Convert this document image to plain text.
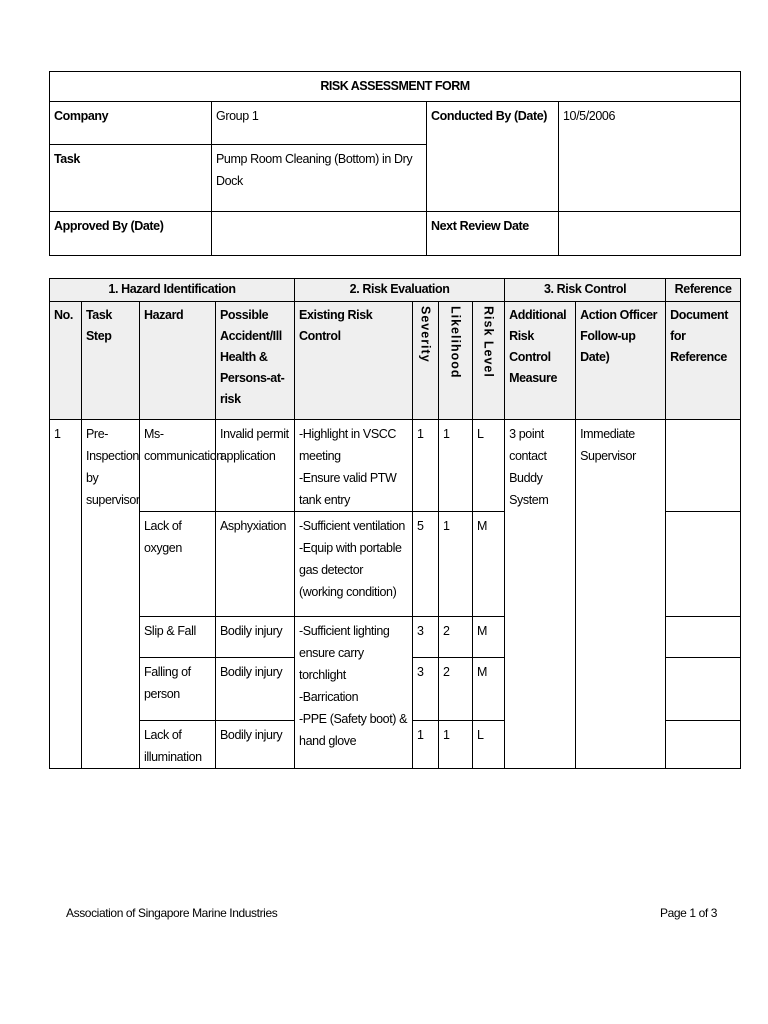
RISK ASSESSMENT FORM			

Company	Group 1	Conducted By (Date)	10/5/2006

Task	Pump Room Cleaning (Bottom) in Dry Dock		

Approved By (Date)		Next Review Date	

1. Hazard Identification				2. Risk Evaluation				3. Risk Control		Reference

No.	Task Step	Hazard	Possible Accident/Ill Health & Persons-at-risk	Existing Risk Control	Severity	Likelihood	Risk Level	Additional Risk Control Measure	Action Officer Follow-up Date)	Document for Reference

1	Pre-Inspection by supervisor	Ms-communication	Invalid permit application	-Highlight in VSCC meeting
-Ensure valid PTW tank entry	1	1	L	3 point contact Buddy System	Immediate Supervisor	

		Lack of oxygen	Asphyxiation	-Sufficient ventilation
-Equip with portable gas detector (working condition)	5	1	M			

		Slip & Fall	Bodily injury	-Sufficient lighting ensure carry torchlight
-Barrication
-PPE (Safety boot) & hand glove	3	2	M			

		Falling of person	Bodily injury		3	2	M			

		Lack of illumination	Bodily injury		1	1	L			

Association of Singapore Marine Industries	Page 1 of 3
